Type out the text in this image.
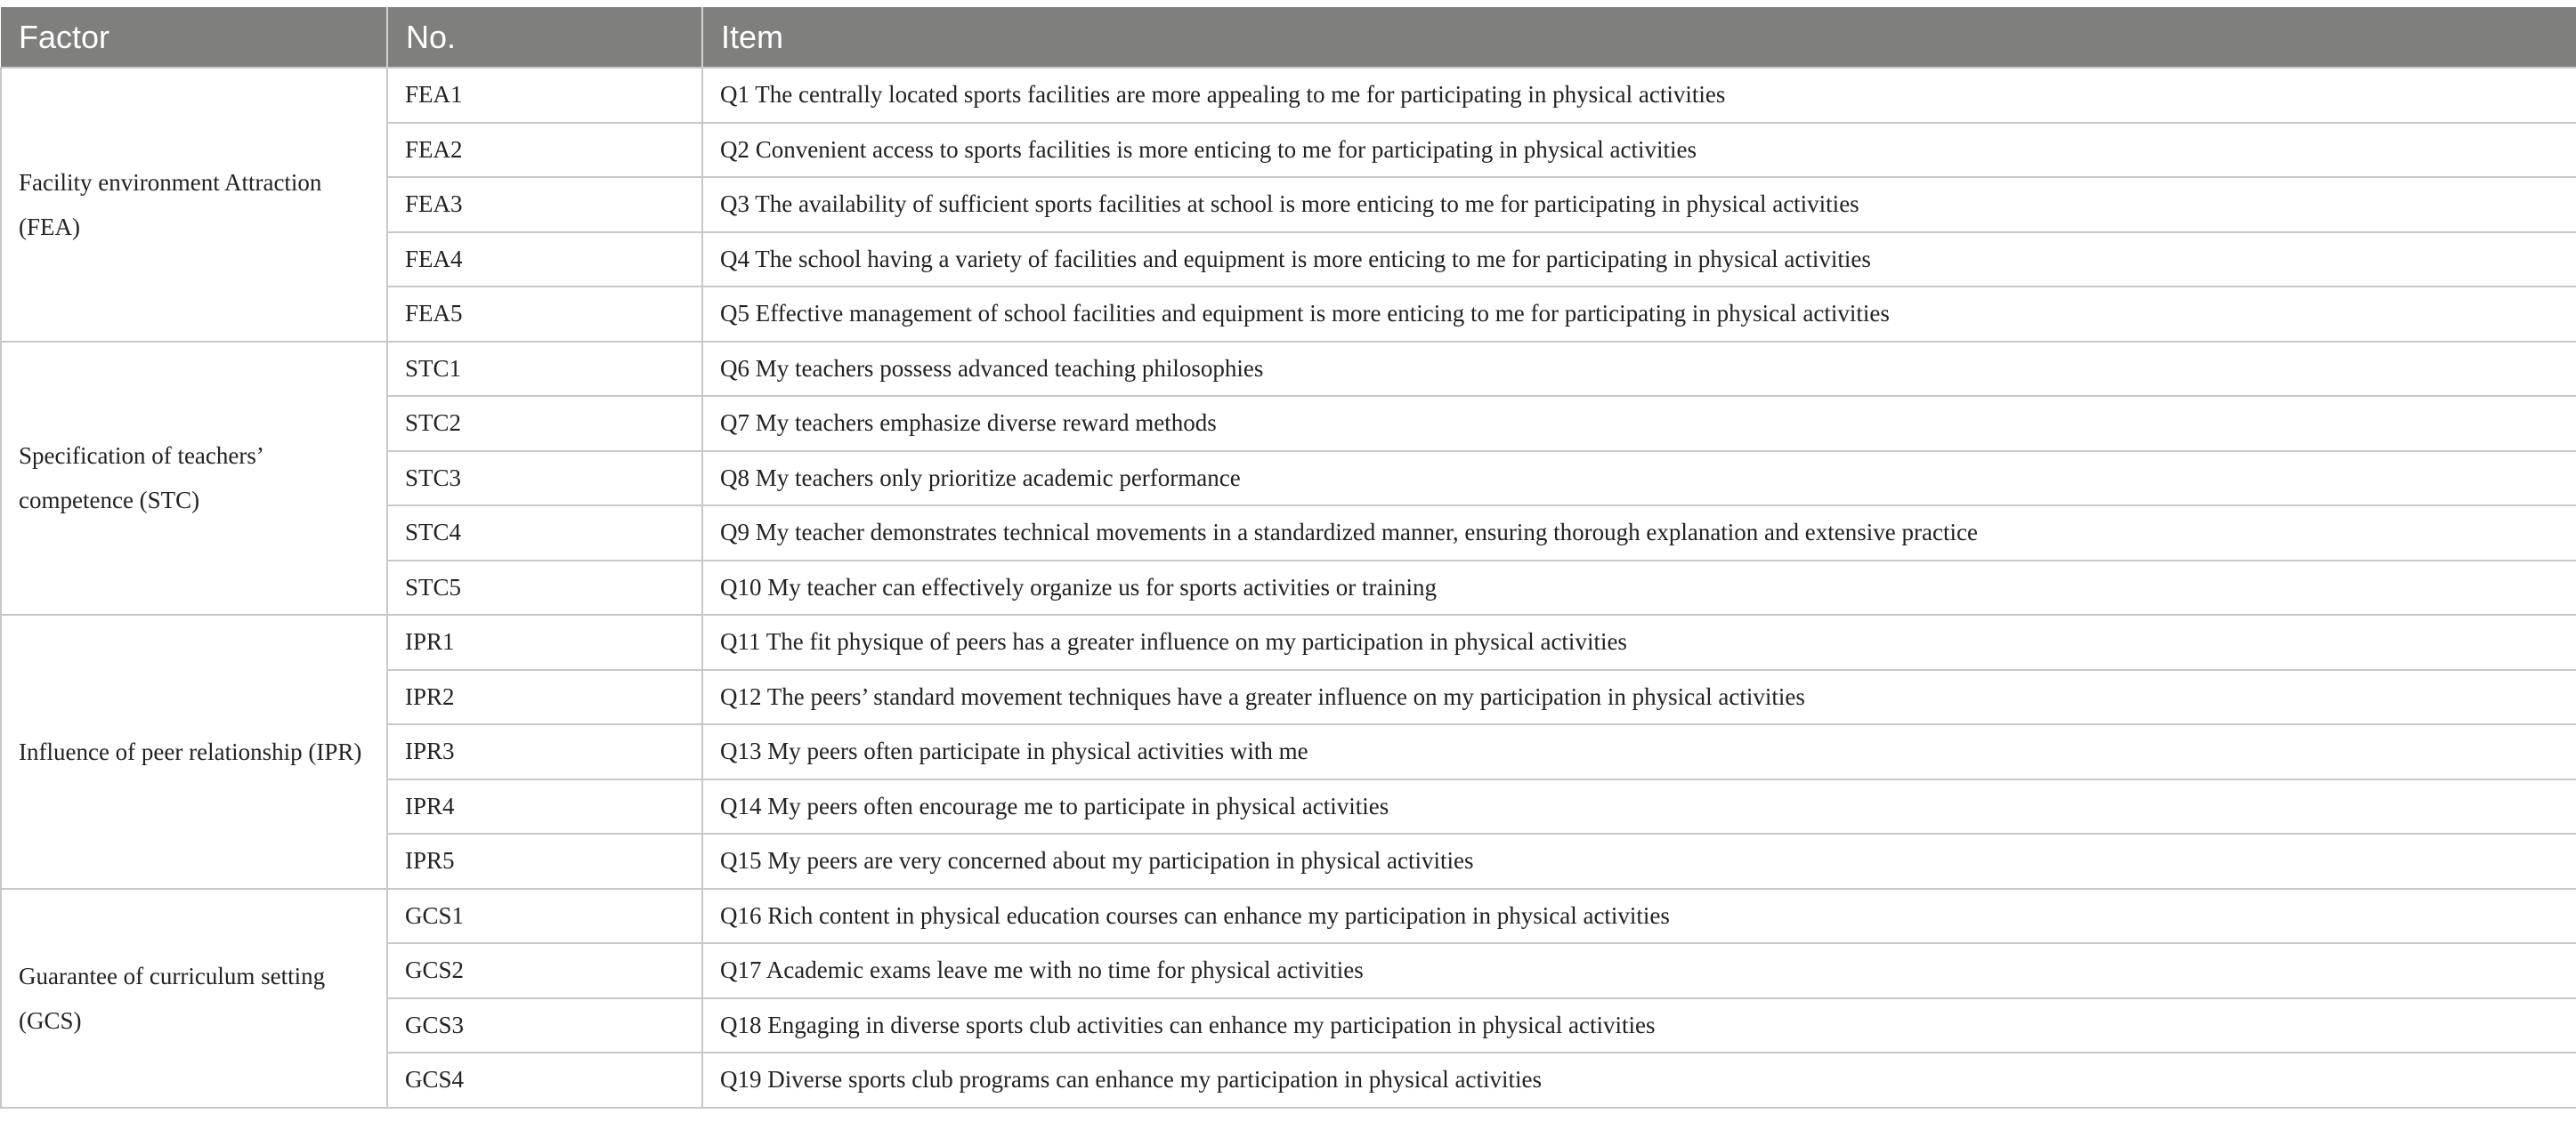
Factor	No.	Item
Facility environment Attraction (FEA)	FEA1	Q1 The centrally located sports facilities are more appealing to me for participating in physical activities
	FEA2	Q2 Convenient access to sports facilities is more enticing to me for participating in physical activities
	FEA3	Q3 The availability of sufficient sports facilities at school is more enticing to me for participating in physical activities
	FEA4	Q4 The school having a variety of facilities and equipment is more enticing to me for participating in physical activities
	FEA5	Q5 Effective management of school facilities and equipment is more enticing to me for participating in physical activities
Specification of teachers’ competence (STC)	STC1	Q6 My teachers possess advanced teaching philosophies
	STC2	Q7 My teachers emphasize diverse reward methods
	STC3	Q8 My teachers only prioritize academic performance
	STC4	Q9 My teacher demonstrates technical movements in a standardized manner, ensuring thorough explanation and extensive practice
	STC5	Q10 My teacher can effectively organize us for sports activities or training
Influence of peer relationship (IPR)	IPR1	Q11 The fit physique of peers has a greater influence on my participation in physical activities
	IPR2	Q12 The peers’ standard movement techniques have a greater influence on my participation in physical activities
	IPR3	Q13 My peers often participate in physical activities with me
	IPR4	Q14 My peers often encourage me to participate in physical activities
	IPR5	Q15 My peers are very concerned about my participation in physical activities
Guarantee of curriculum setting (GCS)	GCS1	Q16 Rich content in physical education courses can enhance my participation in physical activities
	GCS2	Q17 Academic exams leave me with no time for physical activities
	GCS3	Q18 Engaging in diverse sports club activities can enhance my participation in physical activities
	GCS4	Q19 Diverse sports club programs can enhance my participation in physical activities
